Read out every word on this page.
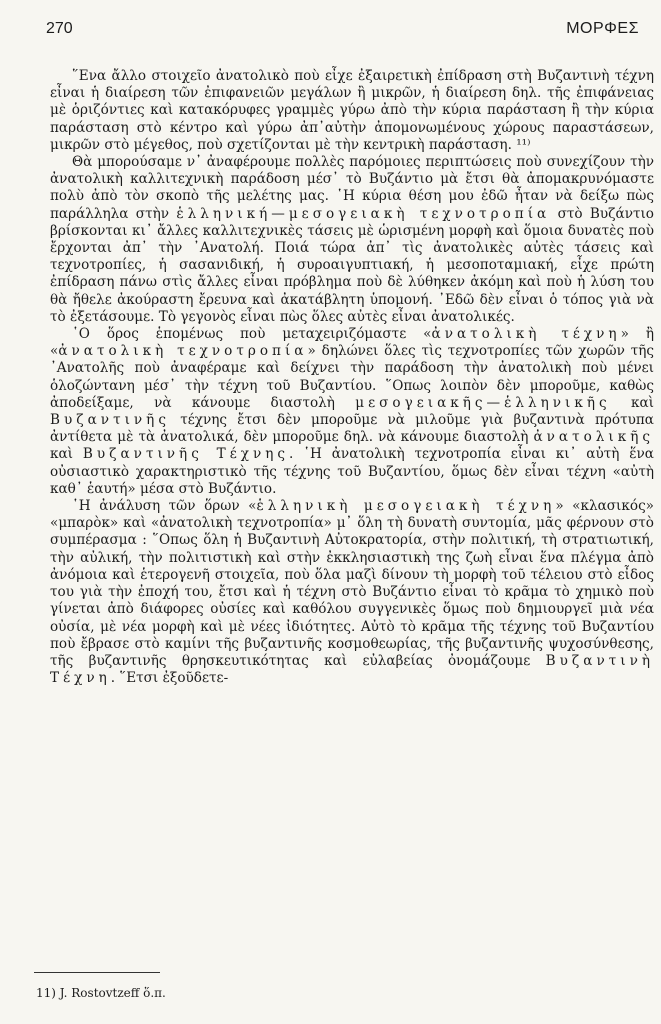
270	ΜΟΡΦΕΣ

῞Ενα ἄλλο στοιχεῖο ἀνατολικὸ ποὺ εἶχε ἐξαιρετικὴ ἐπίδραση στὴ Βυζαντινὴ τέχνη εἶναι ἡ διαίρεση τῶν ἐπιφανειῶν μεγάλων ἢ μικρῶν, ἡ διαίρεση δηλ. τῆς ἐπιφάνειας μὲ ὁριζόντιες καὶ κατακόρυφες γραμμὲς γύρω ἀπὸ τὴν κύρια παράσταση ἢ τὴν κύρια παράσταση στὸ κέντρο καὶ γύρω ἀπ᾽αὐτὴν ἀπομονωμένους χώρους παραστάσεων, μικρῶν στὸ μέγεθος, ποὺ σχετίζονται μὲ τὴν κεντρικὴ παράσταση. ¹¹⁾

Θὰ μπορούσαμε ν᾽ ἀναφέρουμε πολλὲς παρόμοιες περιπτώσεις ποὺ συνεχίζουν τὴν ἀνατολικὴ καλλιτεχνικὴ παράδοση μέσ᾽ τὸ Βυζάντιο μὰ ἔτσι θὰ ἀπομακρυνόμαστε πολὺ ἀπὸ τὸν σκοπὸ τῆς μελέτης μας. ῾Η κύρια θέση μου ἐδῶ ἦταν νὰ δείξω πὼς παράλληλα στὴν ἑλληνική—μεσογειακὴ τεχνοτροπία στὸ Βυζάντιο βρίσκονται κι᾽ ἄλλες καλλιτεχνικὲς τάσεις μὲ ὡρισμένη μορφὴ καὶ ὅμοια δυνατὲς ποὺ ἔρχονται ἀπ᾽ τὴν ᾿Ανατολή. Ποιά τώρα ἀπ᾽ τὶς ἀνατολικὲς αὐτὲς τάσεις καὶ τεχνοτροπίες, ἡ σασανιδική, ἡ συροαιγυπτιακή, ἡ μεσοποταμιακή, εἶχε πρώτη ἐπίδραση πάνω στὶς ἄλλες εἶναι πρόβλημα ποὺ δὲ λύθηκεν ἀκόμη καὶ ποὺ ἡ λύση του θὰ ἤθελε ἀκούραστη ἔρευνα καὶ ἀκατάβλητη ὑπομονή. ᾿Εδῶ δὲν εἶναι ὁ τόπος γιὰ νὰ τὸ ἐξετάσουμε. Τὸ γεγονὸς εἶναι πὼς ὅλες αὐτὲς εἶναι ἀνατολικές.

῾Ο ὅρος ἑπομένως ποὺ μεταχειριζόμαστε «ἀνατολικὴ τέχνη» ἢ «ἀνατολικὴ τεχνοτροπία» δηλώνει ὅλες τὶς τεχνοτροπίες τῶν χωρῶν τῆς ᾿Ανατολῆς ποὺ ἀναφέραμε καὶ δείχνει τὴν παράδοση τὴν ἀνατολικὴ ποὺ μένει ὁλοζώντανη μέσ᾽ τὴν τέχνη τοῦ Βυζαντίου. ῞Οπως λοιπὸν δὲν μποροῦμε, καθὼς ἀποδείξαμε, νὰ κάνουμε διαστολὴ μεσογειακῆς—ἑλληνικῆς καὶ Βυζαντινῆς τέχνης ἔτσι δὲν μποροῦμε νὰ μιλοῦμε γιὰ βυζαντινὰ πρότυπα ἀντίθετα μὲ τὰ ἀνατολικά, δὲν μποροῦμε δηλ. νὰ κάνουμε διαστολὴ ἀνατολικῆς καὶ Βυζαντινῆς Τέχνης. ῾Η ἀνατολικὴ τεχνοτροπία εἶναι κι᾽ αὐτὴ ἕνα οὐσιαστικὸ χαρακτηριστικὸ τῆς τέχνης τοῦ Βυζαντίου, ὅμως δὲν εἶναι τέχνη «αὐτὴ καθ᾽ ἑαυτή» μέσα στὸ Βυζάντιο.

῾Η ἀνάλυση τῶν ὅρων «ἑλληνικὴ μεσογειακὴ τέχνη» «κλασικός» «μπαρὸκ» καὶ «ἀνατολικὴ τεχνοτροπία» μ᾽ ὅλη τὴ δυνατὴ συντομία, μᾶς φέρνουν στὸ συμπέρασμα : ῞Οπως ὅλη ἡ Βυζαντινὴ Αὐτοκρατορία, στὴν πολιτική, τὴ στρατιωτική, τὴν αὐλική, τὴν πολιτιστικὴ καὶ στὴν ἐκκλησιαστικὴ της ζωὴ εἶναι ἕνα πλέγμα ἀπὸ ἀνόμοια καὶ ἑτερογενῆ στοιχεῖα, ποὺ ὅλα μαζὶ δίνουν τὴ μορφὴ τοῦ τέλειου στὸ εἶδος του γιὰ τὴν ἐποχή του, ἔτσι καὶ ἡ τέχνη στὸ Βυζάντιο εἶναι τὸ κρᾶμα τὸ χημικὸ ποὺ γίνεται ἀπὸ διάφορες οὐσίες καὶ καθόλου συγγενικὲς ὅμως ποὺ δημιουργεῖ μιὰ νέα οὐσία, μὲ νέα μορφὴ καὶ μὲ νέες ἰδιότητες. Αὐτὸ τὸ κρᾶμα τῆς τέχνης τοῦ Βυζαντίου ποὺ ἔβρασε στὸ καμίνι τῆς βυζαντινῆς κοσμοθεωρίας, τῆς βυζαντινῆς ψυχοσύνθεσης, τῆς βυζαντινῆς θρησκευτικότητας καὶ εὐλαβείας ὀνομάζουμε Βυζαντινὴ Τέχνη. ῞Ετσι ἐξοῦδετε-

11) J. Rostovtzeff ὅ.π.
